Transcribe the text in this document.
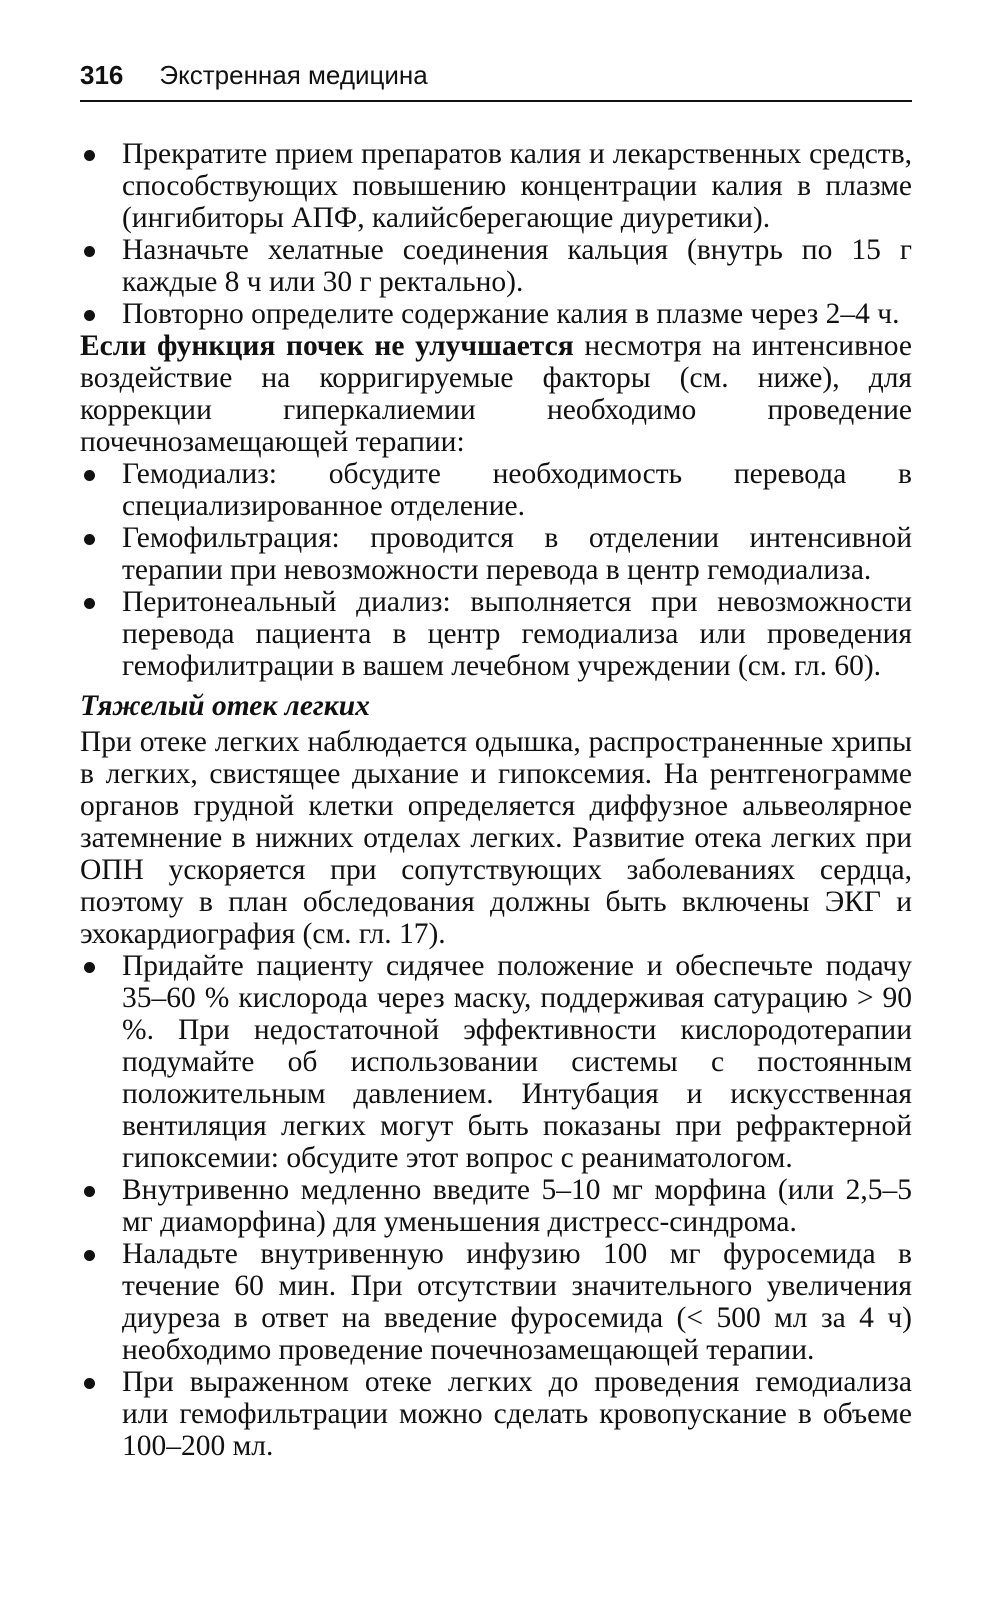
316 Экстренная медицина
Прекратите прием препаратов калия и лекарственных средств, способствующих повышению концентрации калия в плазме (ингибиторы АПФ, калийсберегающие диуретики).
Назначьте хелатные соединения кальция (внутрь по 15 г каждые 8 ч или 30 г ректально).
Повторно определите содержание калия в плазме через 2–4 ч.

Если функция почек не улучшается несмотря на интенсивное воздействие на корригируемые факторы (см. ниже), для коррекции гиперкалиемии необходимо проведение почечнозамещающей терапии:

Гемодиализ: обсудите необходимость перевода в специализированное отделение.
Гемофильтрация: проводится в отделении интенсивной терапии при невозможности перевода в центр гемодиализа.
Перитонеальный диализ: выполняется при невозможности перевода пациента в центр гемодиализа или проведения гемофилитрации в вашем лечебном учреждении (см. гл. 60).
Тяжелый отек легких

При отеке легких наблюдается одышка, распространенные хрипы в легких, свистящее дыхание и гипоксемия. На рентгенограмме органов грудной клетки определяется диффузное альвеолярное затемнение в нижних отделах легких. Развитие отека легких при ОПН ускоряется при сопутствующих заболеваниях сердца, поэтому в план обследования должны быть включены ЭКГ и эхокардиография (см. гл. 17).

Придайте пациенту сидячее положение и обеспечьте подачу 35–60 % кислорода через маску, поддерживая сатурацию > 90 %. При недостаточной эффективности кислородотерапии подумайте об использовании системы с постоянным положительным давлением. Интубация и искусственная вентиляция легких могут быть показаны при рефрактерной гипоксемии: обсудите этот вопрос с реаниматологом.
Внутривенно медленно введите 5–10 мг морфина (или 2,5–5 мг диаморфина) для уменьшения дистресс-синдрома.
Наладьте внутривенную инфузию 100 мг фуросемида в течение 60 мин. При отсутствии значительного увеличения диуреза в ответ на введение фуросемида (< 500 мл за 4 ч) необходимо проведение почечнозамещающей терапии.
При выраженном отеке легких до проведения гемодиализа или гемофильтрации можно сделать кровопускание в объеме 100–200 мл.
